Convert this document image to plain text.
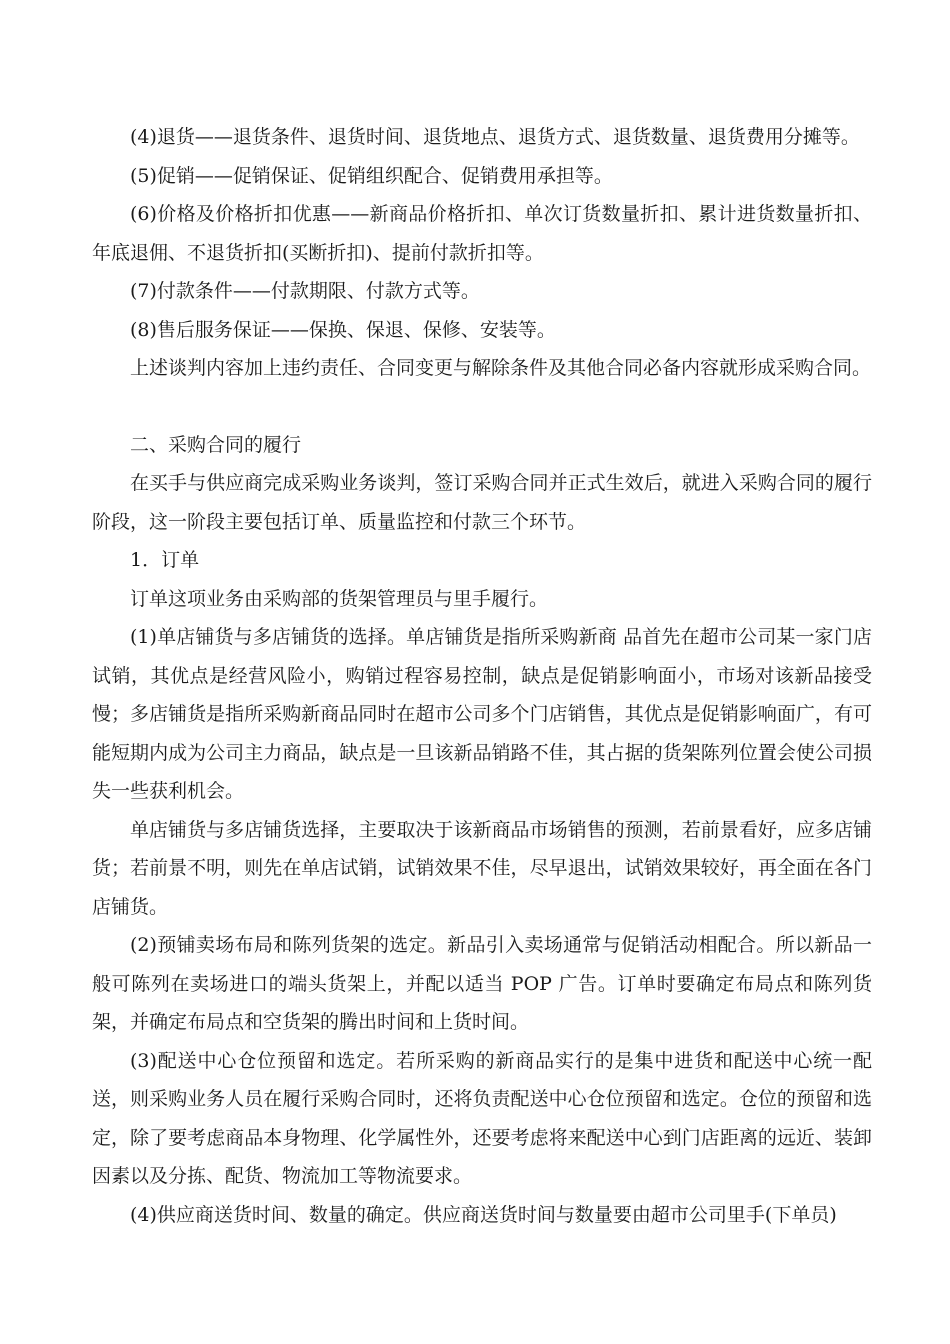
(4)退货——退货条件、退货时间、退货地点、退货方式、退货数量、退货费用分摊等。

(5)促销——促销保证、促销组织配合、促销费用承担等。

(6)价格及价格折扣优惠——新商品价格折扣、单次订货数量折扣、累计进货数量折扣、年底退佣、不退货折扣(买断折扣)、提前付款折扣等。

(7)付款条件——付款期限、付款方式等。

(8)售后服务保证——保换、保退、保修、安装等。

上述谈判内容加上违约责任、合同变更与解除条件及其他合同必备内容就形成采购合同。

二、采购合同的履行

在买手与供应商完成采购业务谈判，签订采购合同并正式生效后，就进入采购合同的履行阶段，这一阶段主要包括订单、质量监控和付款三个环节。

1．订单

订单这项业务由采购部的货架管理员与里手履行。

(1)单店铺货与多店铺货的选择。单店铺货是指所采购新商 品首先在超市公司某一家门店试销，其优点是经营风险小，购销过程容易控制，缺点是促销影响面小，市场对该新品接受慢；多店铺货是指所采购新商品同时在超市公司多个门店销售，其优点是促销影响面广，有可能短期内成为公司主力商品，缺点是一旦该新品销路不佳，其占据的货架陈列位置会使公司损失一些获利机会。

单店铺货与多店铺货选择，主要取决于该新商品市场销售的预测，若前景看好，应多店铺货；若前景不明，则先在单店试销，试销效果不佳，尽早退出，试销效果较好，再全面在各门店铺货。

(2)预铺卖场布局和陈列货架的选定。新品引入卖场通常与促销活动相配合。所以新品一般可陈列在卖场进口的端头货架上，并配以适当 POP 广告。订单时要确定布局点和陈列货架，并确定布局点和空货架的腾出时间和上货时间。

(3)配送中心仓位预留和选定。若所采购的新商品实行的是集中进货和配送中心统一配送，则采购业务人员在履行采购合同时，还将负责配送中心仓位预留和选定。仓位的预留和选定，除了要考虑商品本身物理、化学属性外，还要考虑将来配送中心到门店距离的远近、装卸因素以及分拣、配货、物流加工等物流要求。

(4)供应商送货时间、数量的确定。供应商送货时间与数量要由超市公司里手(下单员)
